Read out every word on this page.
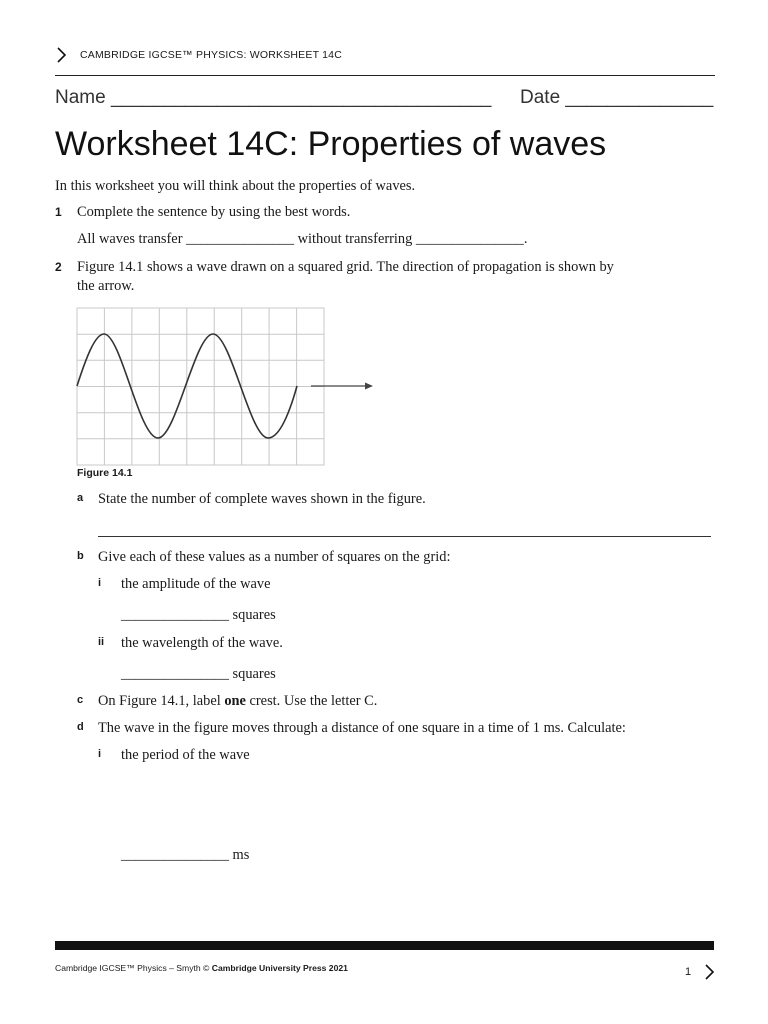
CAMBRIDGE IGCSE™ PHYSICS: WORKSHEET 14C
Name ____________________________________ Date ______________
Worksheet 14C: Properties of waves
In this worksheet you will think about the properties of waves.
1 Complete the sentence by using the best words.
All waves transfer _______________ without transferring _______________.
2 Figure 14.1 shows a wave drawn on a squared grid. The direction of propagation is shown by
the arrow.
Figure 14.1
a State the number of complete waves shown in the figure.
b Give each of these values as a number of squares on the grid:
i the amplitude of the wave
_______________ squares
ii the wavelength of the wave.
_______________ squares
c On Figure 14.1, label one crest. Use the letter C.
d The wave in the figure moves through a distance of one square in a time of 1 ms. Calculate:
i the period of the wave
_______________ ms
Cambridge IGCSE™ Physics – Smyth © Cambridge University Press 2021	1
